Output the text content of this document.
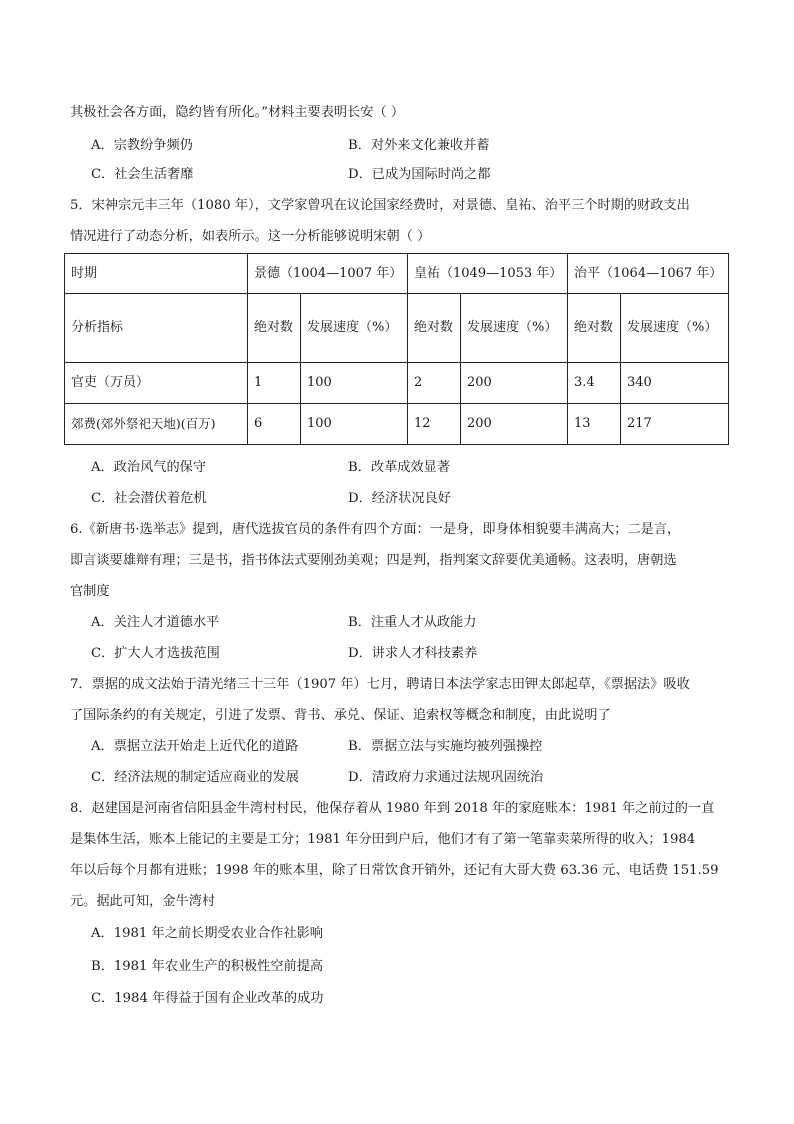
其极社会各方面，隐约皆有所化。”材料主要表明长安（ ）
A．宗教纷争频仍	B．对外来文化兼收并蓄
C．社会生活奢靡	D．已成为国际时尚之都
5．宋神宗元丰三年（1080 年），文学家曾巩在议论国家经费时，对景德、皇祐、治平三个时期的财政支出
情况进行了动态分析，如表所示。这一分析能够说明宋朝（ ）
时期	景德（1004—1007 年）		皇祐（1049—1053 年）		治平（1064—1067 年）	
分析指标	绝对数	发展速度（%）	绝对数	发展速度（%）	绝对数	发展速度（%）
官吏（万员）	1	100	2	200	3.4	340
郊费(郊外祭祀天地)(百万)	6	100	12	200	13	217
A．政治风气的保守	B．改革成效显著
C．社会潜伏着危机	D．经济状况良好
6.《新唐书·选举志》提到，唐代选拔官员的条件有四个方面：一是身，即身体相貌要丰满高大；二是言，
即言谈要雄辩有理；三是书，指书体法式要刚劲美观；四是判，指判案文辞要优美通畅。这表明，唐朝选
官制度
A．关注人才道德水平	B．注重人才从政能力
C．扩大人才选拔范围	D．讲求人才科技素养
7．票据的成文法始于清光绪三十三年（1907 年）七月，聘请日本法学家志田钾太郎起草，《票据法》吸收
了国际条约的有关规定，引进了发票、背书、承兑、保证、追索权等概念和制度，由此说明了
A．票据立法开始走上近代化的道路	B．票据立法与实施均被列强操控
C．经济法规的制定适应商业的发展	D．清政府力求通过法规巩固统治
8．赵建国是河南省信阳县金牛湾村村民，他保存着从 1980 年到 2018 年的家庭账本：1981 年之前过的一直
是集体生活，账本上能记的主要是工分；1981 年分田到户后，他们才有了第一笔靠卖菜所得的收入；1984
年以后每个月都有进账；1998 年的账本里，除了日常饮食开销外，还记有大哥大费 63.36 元、电话费 151.59
元。据此可知，金牛湾村
A．1981 年之前长期受农业合作社影响
B．1981 年农业生产的积极性空前提高
C．1984 年得益于国有企业改革的成功
